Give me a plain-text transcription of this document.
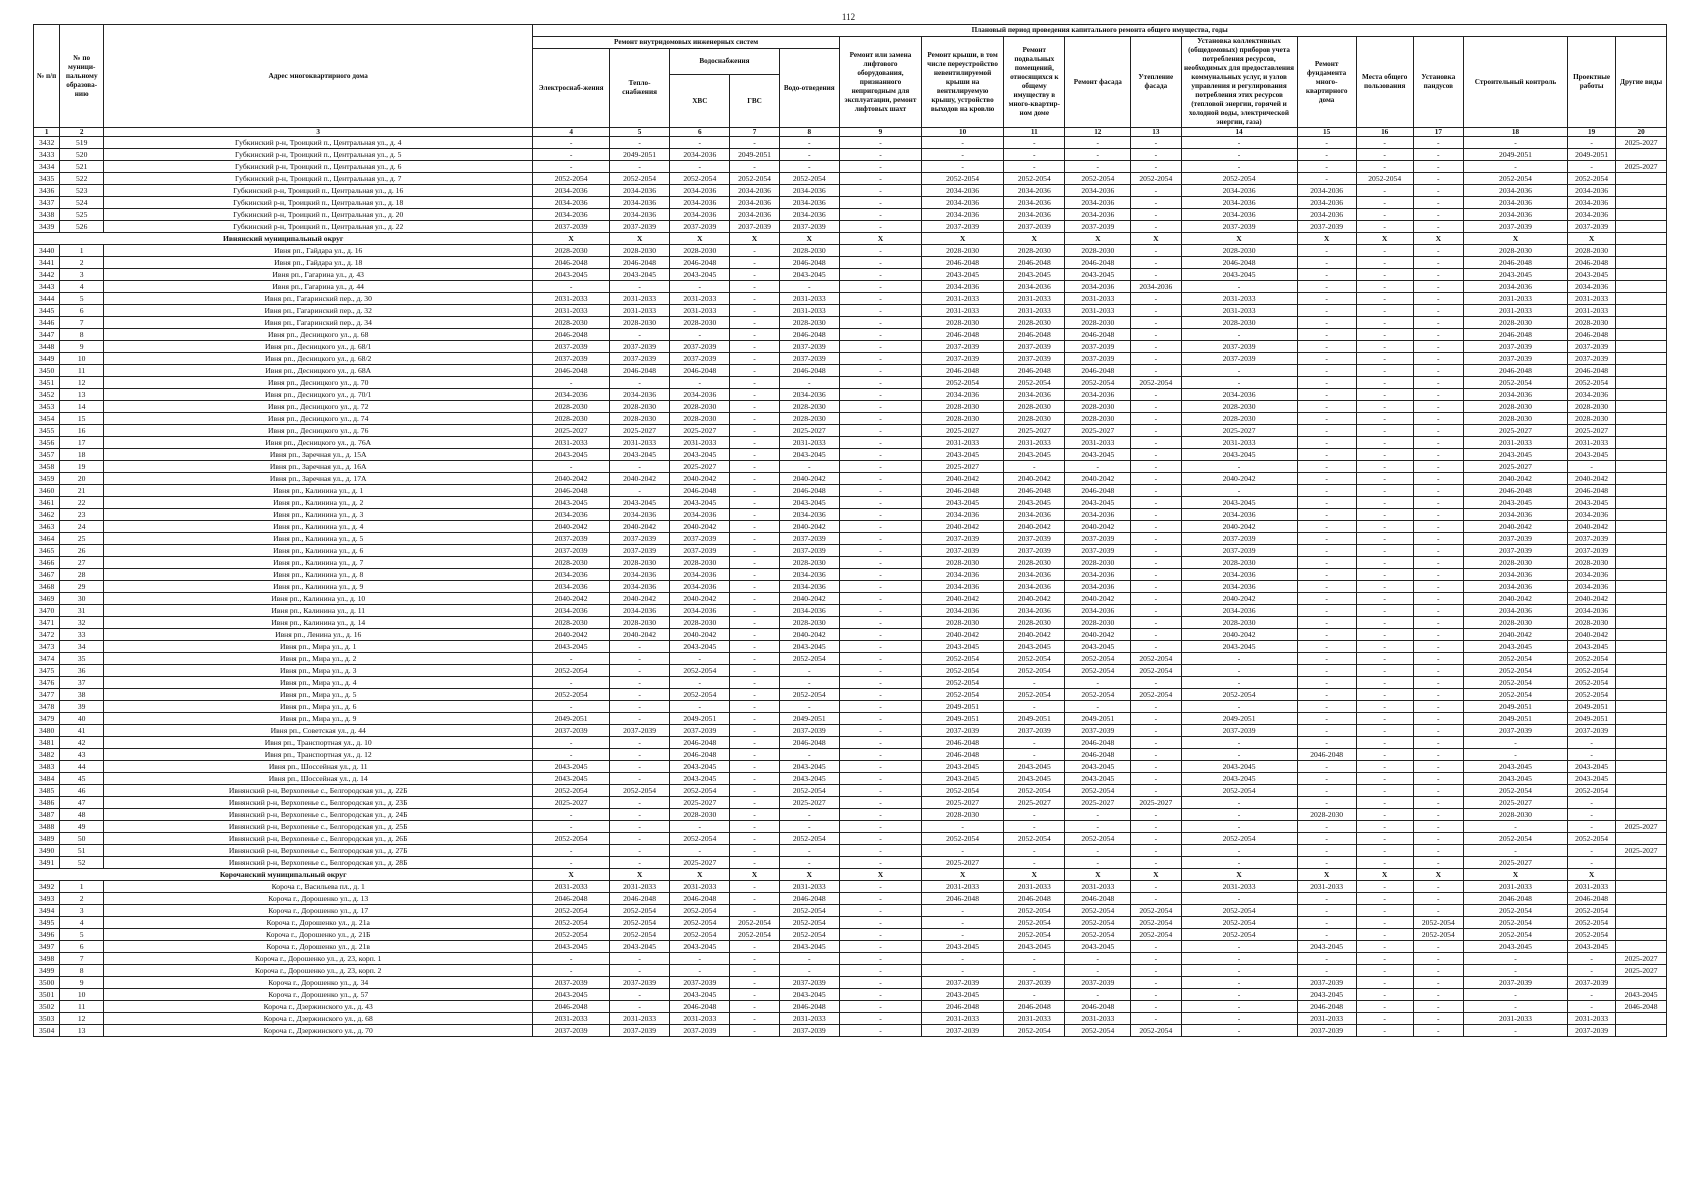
112
№ п/п	№ по муници-пальному образова-нию	Адрес многоквартирного дома	Плановый период проведения капитального ремонта общего имущества, годы																
			Ремонт внутридомовых инженерных систем					Ремонт или замена лифтового оборудования, признанного непригодным для эксплуатации, ремонт лифтовых шахт	Ремонт крыши, в том числе переустройство невентилируемой крыши на вентилируемую крышу, устройство выходов на кровлю	Ремонт подвальных помещений, относящихся к общему имуществу в много-квартир-ном доме	Ремонт фасада	Утепление фасада	Установка коллективных (общедомовых) приборов учета потребления ресурсов, необходимых для предоставления коммунальных услуг, и узлов управления и регулирования потребления этих ресурсов (тепловой энергии, горячей и холодной воды, электрической энергии, газа)	Ремонт фундамента много-квартирного дома	Места общего пользования	Установка пандусов	Строительный контроль	Проектные работы	Другие виды
			Электроснаб-жения	Тепло-снабжения	Водоснабжения		Водо-отведения												
					ХВС	ГВС													
1	2	3	4	5	6	7	8	9	10	11	12	13	14	15	16	17	18	19	20
3432	519	Губкинский р-н, Троицкий п., Центральная ул., д. 4	-	-	-	-	-	-	-	-	-	-	-	-	-	-	-	-	2025-2027
3433	520	Губкинский р-н, Троицкий п., Центральная ул., д. 5	-	2049-2051	2034-2036	2049-2051	-	-	-	-	-	-	-	-	-	-	2049-2051	2049-2051	
3434	521	Губкинский р-н, Троицкий п., Центральная ул., д. 6	-	-	-	-	-	-	-	-	-	-	-	-	-	-	-	-	2025-2027
3435	522	Губкинский р-н, Троицкий п., Центральная ул., д. 7	2052-2054	2052-2054	2052-2054	2052-2054	2052-2054	-	2052-2054	2052-2054	2052-2054	2052-2054	2052-2054	-	2052-2054	-	2052-2054	2052-2054	
3436	523	Губкинский р-н, Троицкий п., Центральная ул., д. 16	2034-2036	2034-2036	2034-2036	2034-2036	2034-2036	-	2034-2036	2034-2036	2034-2036	-	2034-2036	2034-2036	-	-	2034-2036	2034-2036	
3437	524	Губкинский р-н, Троицкий п., Центральная ул., д. 18	2034-2036	2034-2036	2034-2036	2034-2036	2034-2036	-	2034-2036	2034-2036	2034-2036	-	2034-2036	2034-2036	-	-	2034-2036	2034-2036	
3438	525	Губкинский р-н, Троицкий п., Центральная ул., д. 20	2034-2036	2034-2036	2034-2036	2034-2036	2034-2036	-	2034-2036	2034-2036	2034-2036	-	2034-2036	2034-2036	-	-	2034-2036	2034-2036	
3439	526	Губкинский р-н, Троицкий п., Центральная ул., д. 22	2037-2039	2037-2039	2037-2039	2037-2039	2037-2039	-	2037-2039	2037-2039	2037-2039	-	2037-2039	2037-2039	-	-	2037-2039	2037-2039	
Ивнянский муниципальный округ			X	X	X	X	X	X	X	X	X	X	X	X	X	X	X	X	
3440	1	Ивня рп., Гайдара ул., д. 16	2028-2030	2028-2030	2028-2030	-	2028-2030	-	2028-2030	2028-2030	2028-2030	-	2028-2030	-	-	-	2028-2030	2028-2030	
3441	2	Ивня рп., Гайдара ул., д. 18	2046-2048	2046-2048	2046-2048	-	2046-2048	-	2046-2048	2046-2048	2046-2048	-	2046-2048	-	-	-	2046-2048	2046-2048	
3442	3	Ивня рп., Гагарина ул., д. 43	2043-2045	2043-2045	2043-2045	-	2043-2045	-	2043-2045	2043-2045	2043-2045	-	2043-2045	-	-	-	2043-2045	2043-2045	
3443	4	Ивня рп., Гагарина ул., д. 44	-	-	-	-	-	-	2034-2036	2034-2036	2034-2036	2034-2036	-	-	-	-	2034-2036	2034-2036	
3444	5	Ивня рп., Гагаринский пер., д. 30	2031-2033	2031-2033	2031-2033	-	2031-2033	-	2031-2033	2031-2033	2031-2033	-	2031-2033	-	-	-	2031-2033	2031-2033	
3445	6	Ивня рп., Гагаринский пер., д. 32	2031-2033	2031-2033	2031-2033	-	2031-2033	-	2031-2033	2031-2033	2031-2033	-	2031-2033	-	-	-	2031-2033	2031-2033	
3446	7	Ивня рп., Гагаринский пер., д. 34	2028-2030	2028-2030	2028-2030	-	2028-2030	-	2028-2030	2028-2030	2028-2030	-	2028-2030	-	-	-	2028-2030	2028-2030	
3447	8	Ивня рп., Десницкого ул., д. 68	2046-2048	-	-	-	2046-2048	-	2046-2048	2046-2048	2046-2048	-	-	-	-	-	2046-2048	2046-2048	
3448	9	Ивня рп., Десницкого ул., д. 68/1	2037-2039	2037-2039	2037-2039	-	2037-2039	-	2037-2039	2037-2039	2037-2039	-	2037-2039	-	-	-	2037-2039	2037-2039	
3449	10	Ивня рп., Десницкого ул., д. 68/2	2037-2039	2037-2039	2037-2039	-	2037-2039	-	2037-2039	2037-2039	2037-2039	-	2037-2039	-	-	-	2037-2039	2037-2039	
3450	11	Ивня рп., Десницкого ул., д. 68А	2046-2048	2046-2048	2046-2048	-	2046-2048	-	2046-2048	2046-2048	2046-2048	-	-	-	-	-	2046-2048	2046-2048	
3451	12	Ивня рп., Десницкого ул., д. 70	-	-	-	-	-	-	2052-2054	2052-2054	2052-2054	2052-2054	-	-	-	-	2052-2054	2052-2054	
3452	13	Ивня рп., Десницкого ул., д. 70/1	2034-2036	2034-2036	2034-2036	-	2034-2036	-	2034-2036	2034-2036	2034-2036	-	2034-2036	-	-	-	2034-2036	2034-2036	
3453	14	Ивня рп., Десницкого ул., д. 72	2028-2030	2028-2030	2028-2030	-	2028-2030	-	2028-2030	2028-2030	2028-2030	-	2028-2030	-	-	-	2028-2030	2028-2030	
3454	15	Ивня рп., Десницкого ул., д. 74	2028-2030	2028-2030	2028-2030	-	2028-2030	-	2028-2030	2028-2030	2028-2030	-	2028-2030	-	-	-	2028-2030	2028-2030	
3455	16	Ивня рп., Десницкого ул., д. 76	2025-2027	2025-2027	2025-2027	-	2025-2027	-	2025-2027	2025-2027	2025-2027	-	2025-2027	-	-	-	2025-2027	2025-2027	
3456	17	Ивня рп., Десницкого ул., д. 76А	2031-2033	2031-2033	2031-2033	-	2031-2033	-	2031-2033	2031-2033	2031-2033	-	2031-2033	-	-	-	2031-2033	2031-2033	
3457	18	Ивня рп., Заречная ул., д. 15А	2043-2045	2043-2045	2043-2045	-	2043-2045	-	2043-2045	2043-2045	2043-2045	-	2043-2045	-	-	-	2043-2045	2043-2045	
3458	19	Ивня рп., Заречная ул., д. 16А	-	-	2025-2027	-	-	-	2025-2027	-	-	-	-	-	-	-	2025-2027	-	
3459	20	Ивня рп., Заречная ул., д. 17А	2040-2042	2040-2042	2040-2042	-	2040-2042	-	2040-2042	2040-2042	2040-2042	-	2040-2042	-	-	-	2040-2042	2040-2042	
3460	21	Ивня рп., Калинина ул., д. 1	2046-2048	-	2046-2048	-	2046-2048	-	2046-2048	2046-2048	2046-2048	-	-	-	-	-	2046-2048	2046-2048	
3461	22	Ивня рп., Калинина ул., д. 2	2043-2045	2043-2045	2043-2045	-	2043-2045	-	2043-2045	2043-2045	2043-2045	-	2043-2045	-	-	-	2043-2045	2043-2045	
3462	23	Ивня рп., Калинина ул., д. 3	2034-2036	2034-2036	2034-2036	-	2034-2036	-	2034-2036	2034-2036	2034-2036	-	2034-2036	-	-	-	2034-2036	2034-2036	
3463	24	Ивня рп., Калинина ул., д. 4	2040-2042	2040-2042	2040-2042	-	2040-2042	-	2040-2042	2040-2042	2040-2042	-	2040-2042	-	-	-	2040-2042	2040-2042	
3464	25	Ивня рп., Калинина ул., д. 5	2037-2039	2037-2039	2037-2039	-	2037-2039	-	2037-2039	2037-2039	2037-2039	-	2037-2039	-	-	-	2037-2039	2037-2039	
3465	26	Ивня рп., Калинина ул., д. 6	2037-2039	2037-2039	2037-2039	-	2037-2039	-	2037-2039	2037-2039	2037-2039	-	2037-2039	-	-	-	2037-2039	2037-2039	
3466	27	Ивня рп., Калинина ул., д. 7	2028-2030	2028-2030	2028-2030	-	2028-2030	-	2028-2030	2028-2030	2028-2030	-	2028-2030	-	-	-	2028-2030	2028-2030	
3467	28	Ивня рп., Калинина ул., д. 8	2034-2036	2034-2036	2034-2036	-	2034-2036	-	2034-2036	2034-2036	2034-2036	-	2034-2036	-	-	-	2034-2036	2034-2036	
3468	29	Ивня рп., Калинина ул., д. 9	2034-2036	2034-2036	2034-2036	-	2034-2036	-	2034-2036	2034-2036	2034-2036	-	2034-2036	-	-	-	2034-2036	2034-2036	
3469	30	Ивня рп., Калинина ул., д. 10	2040-2042	2040-2042	2040-2042	-	2040-2042	-	2040-2042	2040-2042	2040-2042	-	2040-2042	-	-	-	2040-2042	2040-2042	
3470	31	Ивня рп., Калинина ул., д. 11	2034-2036	2034-2036	2034-2036	-	2034-2036	-	2034-2036	2034-2036	2034-2036	-	2034-2036	-	-	-	2034-2036	2034-2036	
3471	32	Ивня рп., Калинина ул., д. 14	2028-2030	2028-2030	2028-2030	-	2028-2030	-	2028-2030	2028-2030	2028-2030	-	2028-2030	-	-	-	2028-2030	2028-2030	
3472	33	Ивня рп., Ленина ул., д. 16	2040-2042	2040-2042	2040-2042	-	2040-2042	-	2040-2042	2040-2042	2040-2042	-	2040-2042	-	-	-	2040-2042	2040-2042	
3473	34	Ивня рп., Мира ул., д. 1	2043-2045	-	2043-2045	-	2043-2045	-	2043-2045	2043-2045	2043-2045	-	2043-2045	-	-	-	2043-2045	2043-2045	
3474	35	Ивня рп., Мира ул., д. 2	-	-	-	-	2052-2054	-	2052-2054	2052-2054	2052-2054	2052-2054	-	-	-	-	2052-2054	2052-2054	
3475	36	Ивня рп., Мира ул., д. 3	2052-2054	-	2052-2054	-	-	-	2052-2054	2052-2054	2052-2054	2052-2054	-	-	-	-	2052-2054	2052-2054	
3476	37	Ивня рп., Мира ул., д. 4	-	-	-	-	-	-	2052-2054	-	-	-	-	-	-	-	2052-2054	2052-2054	
3477	38	Ивня рп., Мира ул., д. 5	2052-2054	-	2052-2054	-	2052-2054	-	2052-2054	2052-2054	2052-2054	2052-2054	2052-2054	-	-	-	2052-2054	2052-2054	
3478	39	Ивня рп., Мира ул., д. 6	-	-	-	-	-	-	2049-2051	-	-	-	-	-	-	-	2049-2051	2049-2051	
3479	40	Ивня рп., Мира ул., д. 9	2049-2051	-	2049-2051	-	2049-2051	-	2049-2051	2049-2051	2049-2051	-	2049-2051	-	-	-	2049-2051	2049-2051	
3480	41	Ивня рп., Советская ул., д. 44	2037-2039	2037-2039	2037-2039	-	2037-2039	-	2037-2039	2037-2039	2037-2039	-	2037-2039	-	-	-	2037-2039	2037-2039	
3481	42	Ивня рп., Транспортная ул., д. 10	-	-	2046-2048	-	2046-2048	-	2046-2048	-	2046-2048	-	-	-	-	-	-	-	
3482	43	Ивня рп., Транспортная ул., д. 12	-	-	2046-2048	-	-	-	2046-2048	-	2046-2048	-	-	2046-2048	-	-	-	-	
3483	44	Ивня рп., Шоссейная ул., д. 11	2043-2045	-	2043-2045	-	2043-2045	-	2043-2045	2043-2045	2043-2045	-	2043-2045	-	-	-	2043-2045	2043-2045	
3484	45	Ивня рп., Шоссейная ул., д. 14	2043-2045	-	2043-2045	-	2043-2045	-	2043-2045	2043-2045	2043-2045	-	2043-2045	-	-	-	2043-2045	2043-2045	
3485	46	Ивнянский р-н, Верхопенье с., Белгородская ул., д. 22Б	2052-2054	2052-2054	2052-2054	-	2052-2054	-	2052-2054	2052-2054	2052-2054	-	2052-2054	-	-	-	2052-2054	2052-2054	
3486	47	Ивнянский р-н, Верхопенье с., Белгородская ул., д. 23Б	2025-2027	-	2025-2027	-	2025-2027	-	2025-2027	2025-2027	2025-2027	2025-2027	-	-	-	-	2025-2027	-	
3487	48	Ивнянский р-н, Верхопенье с., Белгородская ул., д. 24Б	-	-	2028-2030	-	-	-	2028-2030	-	-	-	-	2028-2030	-	-	2028-2030	-	
3488	49	Ивнянский р-н, Верхопенье с., Белгородская ул., д. 25Б	-	-	-	-	-	-	-	-	-	-	-	-	-	-	-	-	2025-2027
3489	50	Ивнянский р-н, Верхопенье с., Белгородская ул., д. 26Б	2052-2054	-	2052-2054	-	2052-2054	-	2052-2054	2052-2054	2052-2054	-	2052-2054	-	-	-	2052-2054	2052-2054	
3490	51	Ивнянский р-н, Верхопенье с., Белгородская ул., д. 27Б	-	-	-	-	-	-	-	-	-	-	-	-	-	-	-	-	2025-2027
3491	52	Ивнянский р-н, Верхопенье с., Белгородская ул., д. 28Б	-	-	2025-2027	-	-	-	2025-2027	-	-	-	-	-	-	-	2025-2027	-	
Корочанский муниципальный округ			X	X	X	X	X	X	X	X	X	X	X	X	X	X	X	X	
3492	1	Короча г., Васильева пл., д. 1	2031-2033	2031-2033	2031-2033	-	2031-2033	-	2031-2033	2031-2033	2031-2033	-	2031-2033	2031-2033	-	-	2031-2033	2031-2033	
3493	2	Короча г., Дорошенко ул., д. 13	2046-2048	2046-2048	2046-2048	-	2046-2048	-	2046-2048	2046-2048	2046-2048	-	-	-	-	-	2046-2048	2046-2048	
3494	3	Короча г., Дорошенко ул., д. 17	2052-2054	2052-2054	2052-2054	-	2052-2054	-	-	2052-2054	2052-2054	2052-2054	2052-2054	-	-	-	2052-2054	2052-2054	
3495	4	Короча г., Дорошенко ул., д. 21а	2052-2054	2052-2054	2052-2054	2052-2054	2052-2054	-	-	2052-2054	2052-2054	2052-2054	2052-2054	-	-	2052-2054	2052-2054	2052-2054	
3496	5	Короча г., Дорошенко ул., д. 21Б	2052-2054	2052-2054	2052-2054	2052-2054	2052-2054	-	-	2052-2054	2052-2054	2052-2054	2052-2054	-	-	2052-2054	2052-2054	2052-2054	
3497	6	Короча г., Дорошенко ул., д. 21в	2043-2045	2043-2045	2043-2045	-	2043-2045	-	2043-2045	2043-2045	2043-2045	-	-	2043-2045	-	-	2043-2045	2043-2045	
3498	7	Короча г., Дорошенко ул., д. 23, корп. 1	-	-	-	-	-	-	-	-	-	-	-	-	-	-	-	-	2025-2027
3499	8	Короча г., Дорошенко ул., д. 23, корп. 2	-	-	-	-	-	-	-	-	-	-	-	-	-	-	-	-	2025-2027
3500	9	Короча г., Дорошенко ул., д. 34	2037-2039	2037-2039	2037-2039	-	2037-2039	-	2037-2039	2037-2039	2037-2039	-	-	2037-2039	-	-	2037-2039	2037-2039	
3501	10	Короча г., Дорошенко ул., д. 57	2043-2045	-	2043-2045	-	2043-2045	-	2043-2045	-	-	-	-	2043-2045	-	-	-	-	2043-2045
3502	11	Короча г., Дзержинского ул., д. 43	2046-2048	-	2046-2048	-	2046-2048	-	2046-2048	2046-2048	2046-2048	-	-	2046-2048	-	-	-	-	2046-2048
3503	12	Короча г., Дзержинского ул., д. 68	2031-2033	2031-2033	2031-2033	-	2031-2033	-	2031-2033	2031-2033	2031-2033	-	-	2031-2033	-	-	2031-2033	2031-2033	
3504	13	Короча г., Дзержинского ул., д. 70	2037-2039	2037-2039	2037-2039	-	2037-2039	-	2037-2039	2052-2054	2052-2054	2052-2054	-	2037-2039	-	-	-	2037-2039	
